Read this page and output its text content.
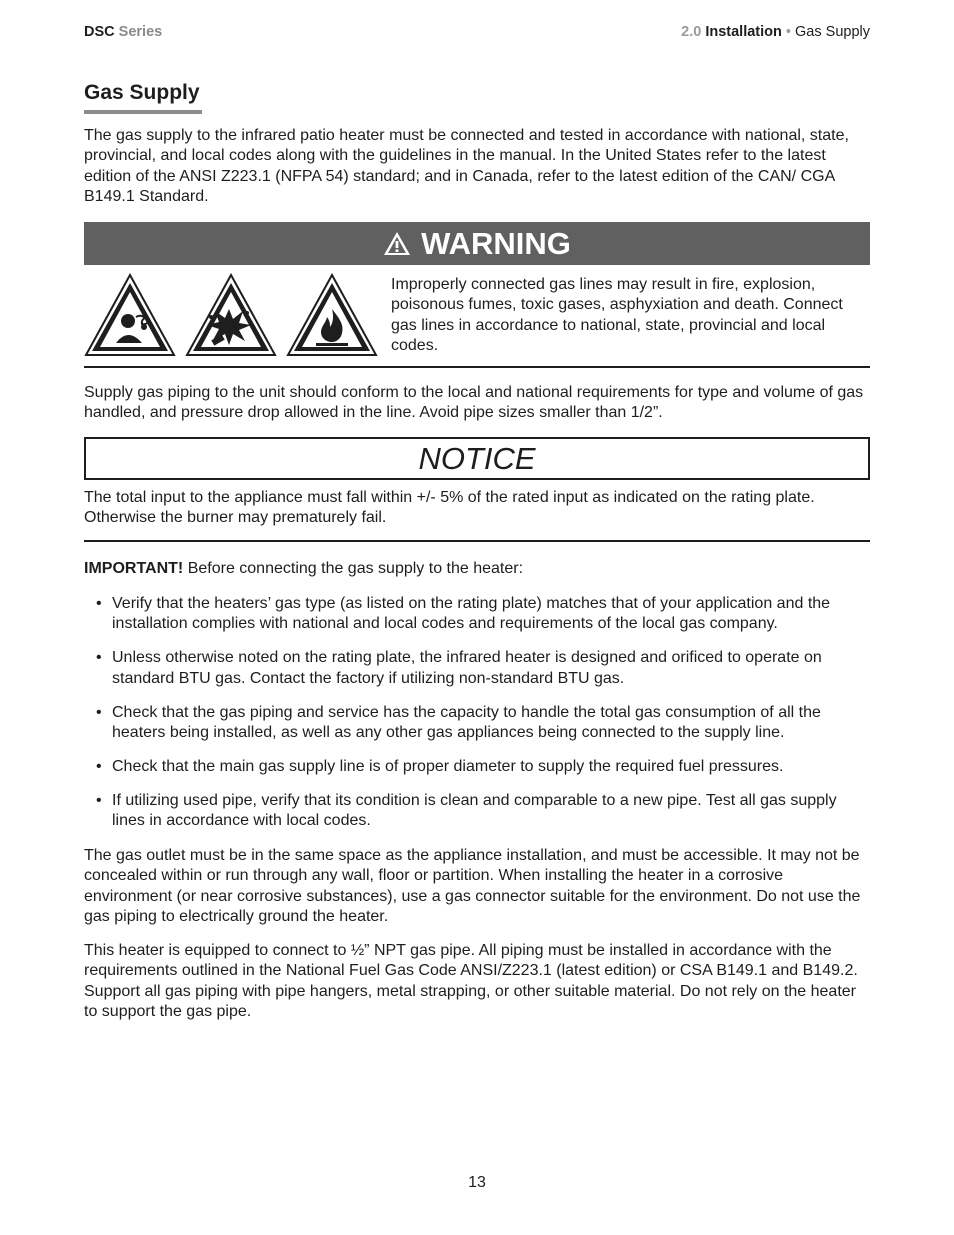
DSC Series	2.0 Installation • Gas Supply
Gas Supply

The gas supply to the infrared patio heater must be connected and tested in accordance with national, state, provincial, and local codes along with the guidelines in the manual. In the United States refer to the latest edition of the ANSI Z223.1 (NFPA 54) standard; and in Canada, refer to the latest edition of the CAN/ CGA B149.1 Standard.

WARNING

Improperly connected gas lines may result in fire, explosion, poisonous fumes, toxic gases, asphyxiation and death. Connect gas lines in accordance to national, state, provincial and local codes.

Supply gas piping to the unit should conform to the local and national requirements for type and volume of gas handled, and pressure drop allowed in the line. Avoid pipe sizes smaller than 1/2”.

NOTICE

The total input to the appliance must fall within +/- 5% of the rated input as indicated on the rating plate. Otherwise the burner may prematurely fail.

IMPORTANT! Before connecting the gas supply to the heater:

• Verify that the heaters’ gas type (as listed on the rating plate) matches that of your application and the installation complies with national and local codes and requirements of the local gas company.
• Unless otherwise noted on the rating plate, the infrared heater is designed and orificed to operate on standard BTU gas. Contact the factory if utilizing non-standard BTU gas.
• Check that the gas piping and service has the capacity to handle the total gas consumption of all the heaters being installed, as well as any other gas appliances being connected to the supply line.
• Check that the main gas supply line is of proper diameter to supply the required fuel pressures.
• If utilizing used pipe, verify that its condition is clean and comparable to a new pipe. Test all gas supply lines in accordance with local codes.

The gas outlet must be in the same space as the appliance installation, and must be accessible. It may not be concealed within or run through any wall, floor or partition. When installing the heater in a corrosive environment (or near corrosive substances), use a gas connector suitable for the environment. Do not use the gas piping to electrically ground the heater.

This heater is equipped to connect to ½” NPT gas pipe. All piping must be installed in accordance with the requirements outlined in the National Fuel Gas Code ANSI/Z223.1 (latest edition) or CSA B149.1 and B149.2. Support all gas piping with pipe hangers, metal strapping, or other suitable material. Do not rely on the heater to support the gas pipe.

13
